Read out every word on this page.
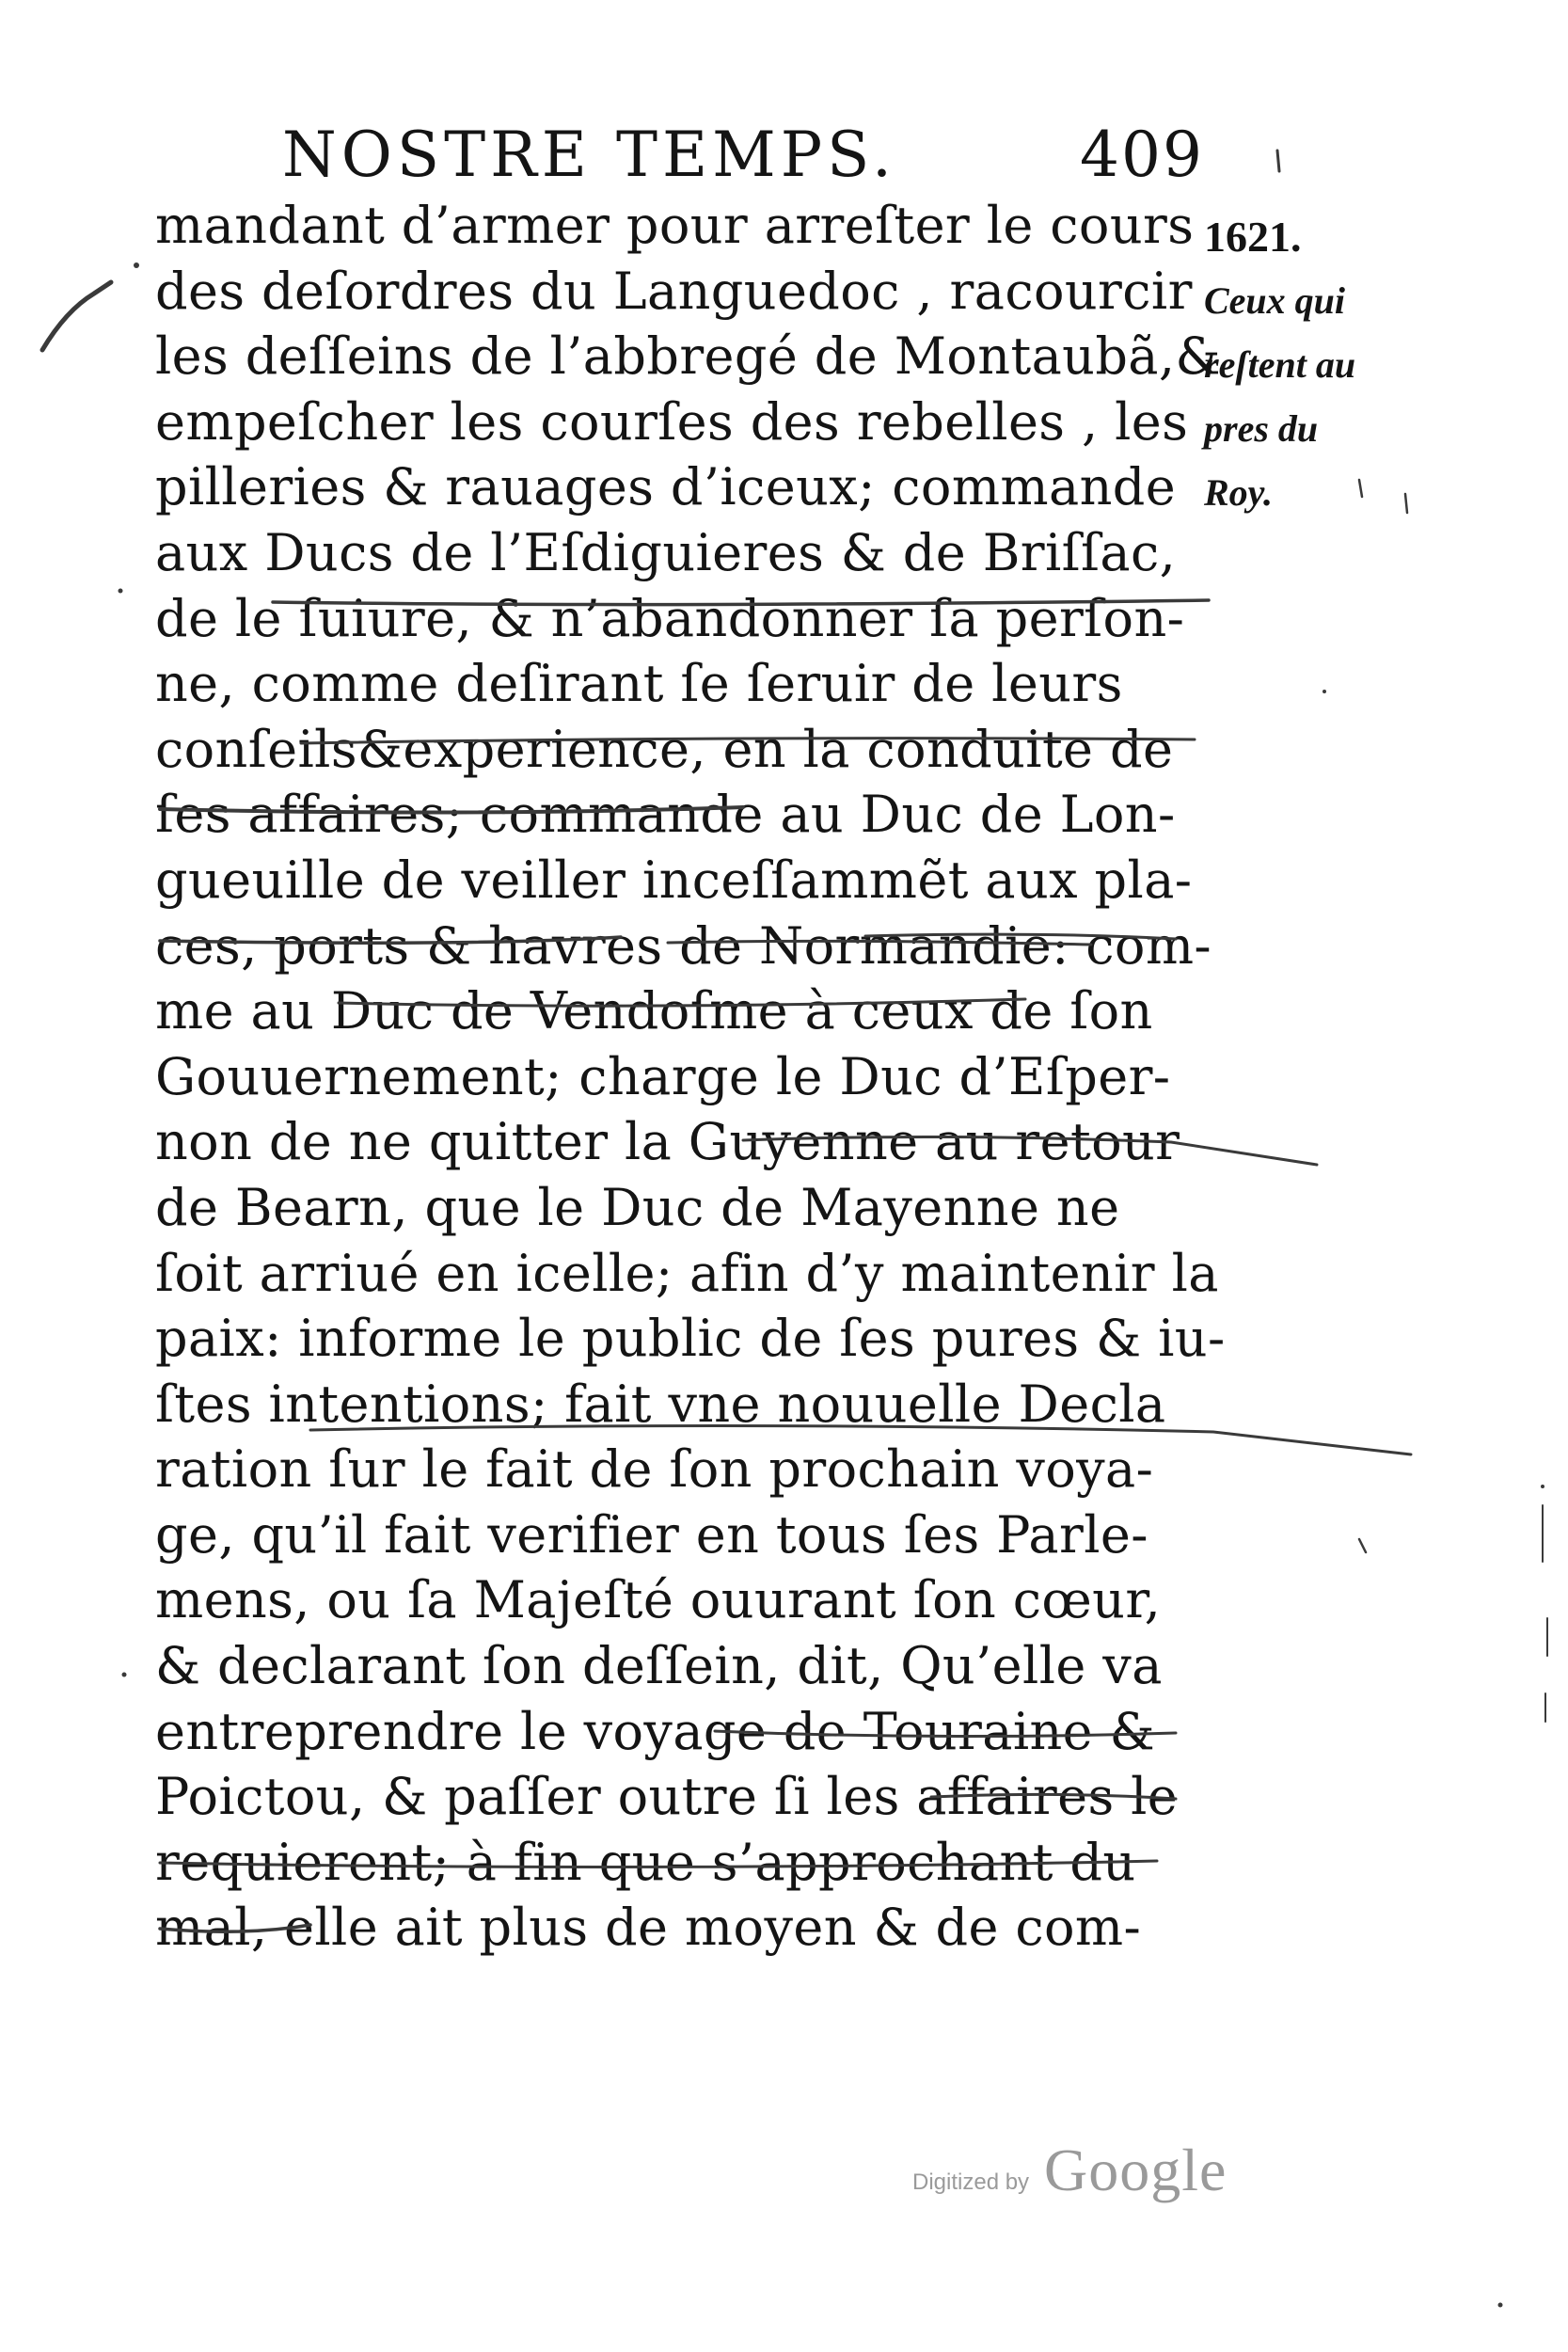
NOSTRE TEMPS.	409
mandant d’armer pour arreſter le cours
des deſordres du Languedoc , racourcir
les deſſeins de l’abbregé de Montaubã,&
empeſcher les courſes des rebelles , les
pilleries & rauages d’iceux; commande
aux Ducs de l’Eſdiguieres & de Briſſac,
de le ſuiure, & n’abandonner ſa perſon-
ne, comme deſirant ſe ſeruir de leurs
conſeils&experience, en la conduite de
ſes affaires; commande au Duc de Lon-
gueuille de veiller inceſſammẽt aux pla-
ces, ports & havres de Normandie: com-
me au Duc de Vendoſme à ceux de ſon
Gouuernement; charge le Duc d’Eſper-
non de ne quitter la Guyenne au retour
de Bearn, que le Duc de Mayenne ne
ſoit arriué en icelle; afin d’y maintenir la
paix: informe le public de ſes pures & iu-
ſtes intentions; fait vne nouuelle Decla
ration ſur le fait de ſon prochain voya-
ge, qu’il fait verifier en tous ſes Parle-
mens, ou ſa Majeſté ouurant ſon cœur,
& declarant ſon deſſein, dit, Qu’elle va
entreprendre le voyage de Touraine &
Poictou, & paſſer outre ſi les affaires le
requierent; à fin que s’approchant du
mal, elle ait plus de moyen & de com-
1621.
Ceux qui
reſtent au
pres du
Roy.
Digitized by Google
